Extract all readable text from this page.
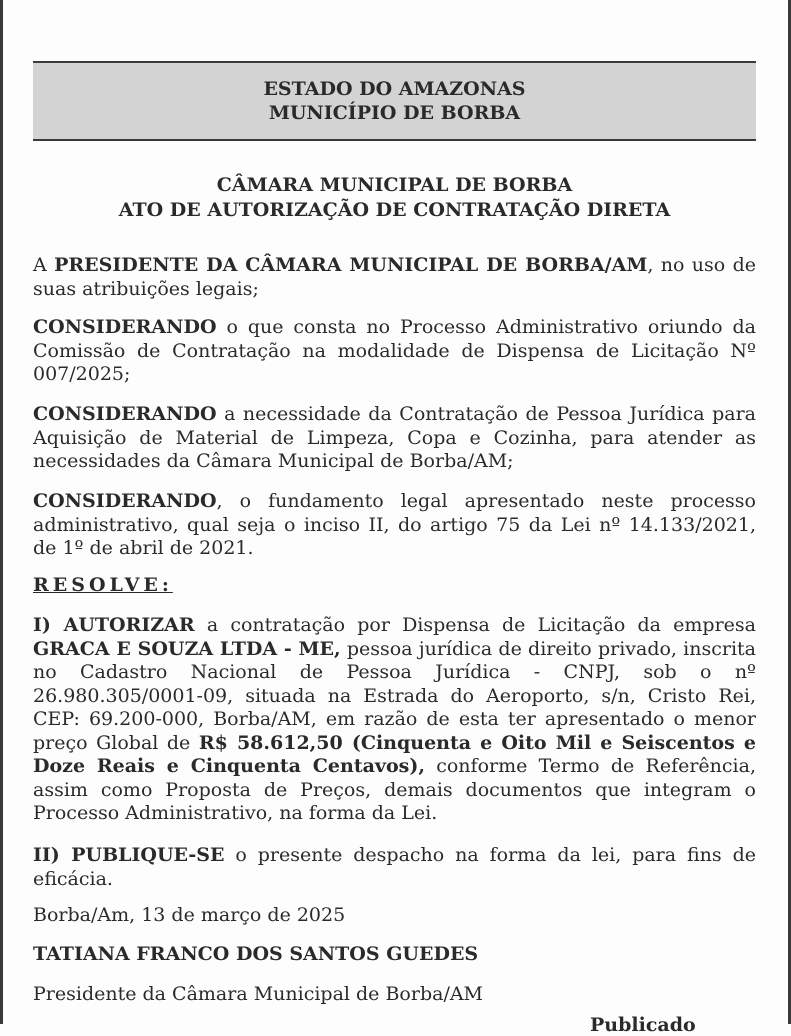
ESTADO DO AMAZONAS
MUNICÍPIO DE BORBA
CÂMARA MUNICIPAL DE BORBA
ATO DE AUTORIZAÇÃO DE CONTRATAÇÃO DIRETA
A PRESIDENTE DA CÂMARA MUNICIPAL DE BORBA/AM, no uso de suas atribuições legais;
CONSIDERANDO o que consta no Processo Administrativo oriundo da Comissão de Contratação na modalidade de Dispensa de Licitação Nº 007/2025;
CONSIDERANDO a necessidade da Contratação de Pessoa Jurídica para Aquisição de Material de Limpeza, Copa e Cozinha, para atender as necessidades da Câmara Municipal de Borba/AM;
CONSIDERANDO, o fundamento legal apresentado neste processo administrativo, qual seja o inciso II, do artigo 75 da Lei nº 14.133/2021, de 1º de abril de 2021.
RESOLVE:
I) AUTORIZAR a contratação por Dispensa de Licitação da empresa GRACA E SOUZA LTDA - ME, pessoa jurídica de direito privado, inscrita no Cadastro Nacional de Pessoa Jurídica - CNPJ, sob o nº 26.980.305/0001-09, situada na Estrada do Aeroporto, s/n, Cristo Rei, CEP: 69.200-000, Borba/AM, em razão de esta ter apresentado o menor preço Global de R$ 58.612,50 (Cinquenta e Oito Mil e Seiscentos e Doze Reais e Cinquenta Centavos), conforme Termo de Referência, assim como Proposta de Preços, demais documentos que integram o Processo Administrativo, na forma da Lei.
II) PUBLIQUE-SE o presente despacho na forma da lei, para fins de eficácia.
Borba/Am, 13 de março de 2025
TATIANA FRANCO DOS SANTOS GUEDES
Presidente da Câmara Municipal de Borba/AM
Publicado
